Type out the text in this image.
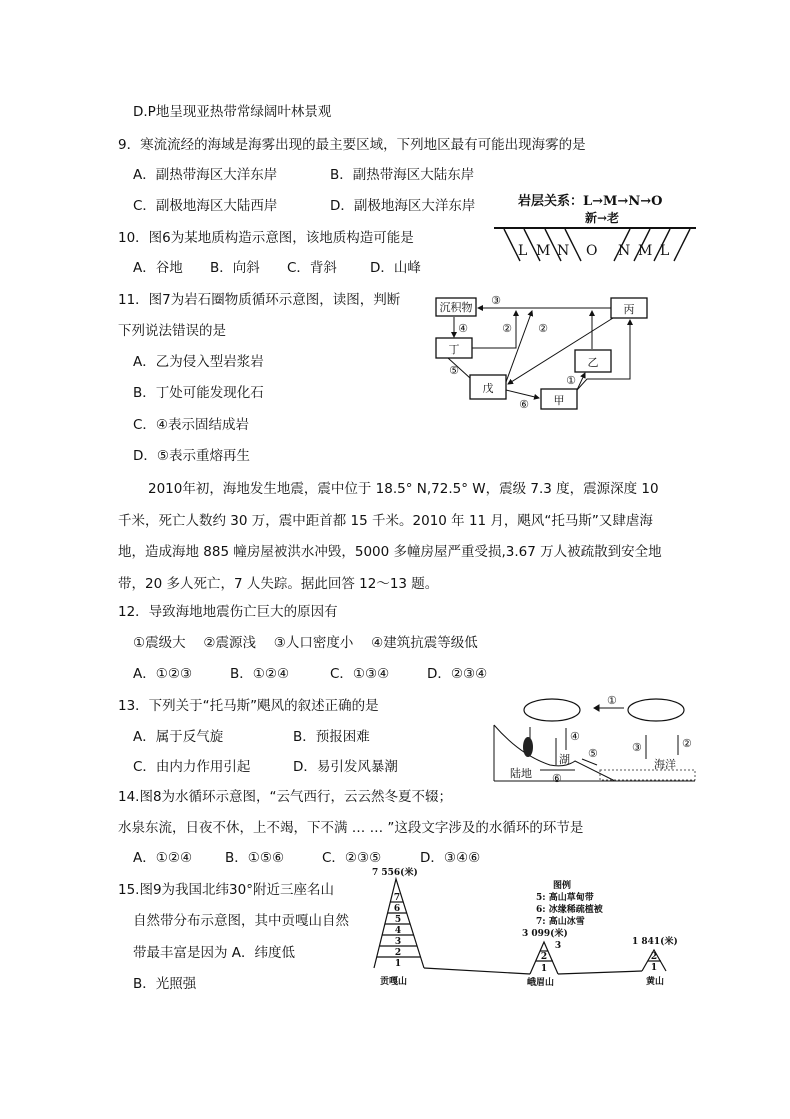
D.P地呈现亚热带常绿阔叶林景观
9．寒流流经的海域是海雾出现的最主要区域，下列地区最有可能出现海雾的是
A．副热带海区大洋东岸	B．副热带海区大陆东岸
C．副极地海区大陆西岸	D．副极地海区大洋东岸
10．图6为某地质构造示意图，该地质构造可能是
A．谷地 B．向斜 C．背斜 D．山峰
岩层关系：L→M→N→O
新→老
L M N O N M L
11．图7为岩石圈物质循环示意图，读图，判断
下列说法错误的是
A．乙为侵入型岩浆岩
B．丁处可能发现化石
C．④表示固结成岩
D．⑤表示重熔再生
沉积物	丙
丁
乙
戊
甲
③
④	② ②
①
⑤
⑥
2010年初，海地发生地震，震中位于 18.5° N,72.5° W，震级 7.3 度，震源深度 10
千米，死亡人数约 30 万，震中距首都 15 千米。2010 年 11 月，飓风“托马斯”又肆虐海
地，造成海地 885 幢房屋被洪水冲毁，5000 多幢房屋严重受损,3.67 万人被疏散到安全地
带，20 多人死亡，7 人失踪。据此回答 12～13 题。
12．导致海地地震伤亡巨大的原因有
①震级大　 ②震源浅　 ③人口密度小　 ④建筑抗震等级低
A．①②③	B．①②④	C．①③④	D．②③④
13．下列关于“托马斯”飓风的叙述正确的是
A．属于反气旋	B．预报困难
C．由内力作用引起	D．易引发风暴潮
①
②
③
④
⑤
⑥
湖
陆地
海洋
14.图8为水循环示意图，“云气西行，云云然冬夏不辍；
水泉东流，日夜不休，上不竭，下不满 … … ”这段文字涉及的水循环的环节是
A．①②④ B．①⑤⑥	C．②③⑤	D．③④⑥
15.图9为我国北纬30°附近三座名山
自然带分布示意图，其中贡嘎山自然
带最丰富是因为 A．纬度低
B．光照强
7 556(米)
3 099(米)
1 841(米)
贡嘎山	峨眉山	黄山
图例
5: 高山草甸带
6: 冰缘稀疏植被
7: 高山冰雪
1
2
3
4
5
6
7
1
2
3
1
2
